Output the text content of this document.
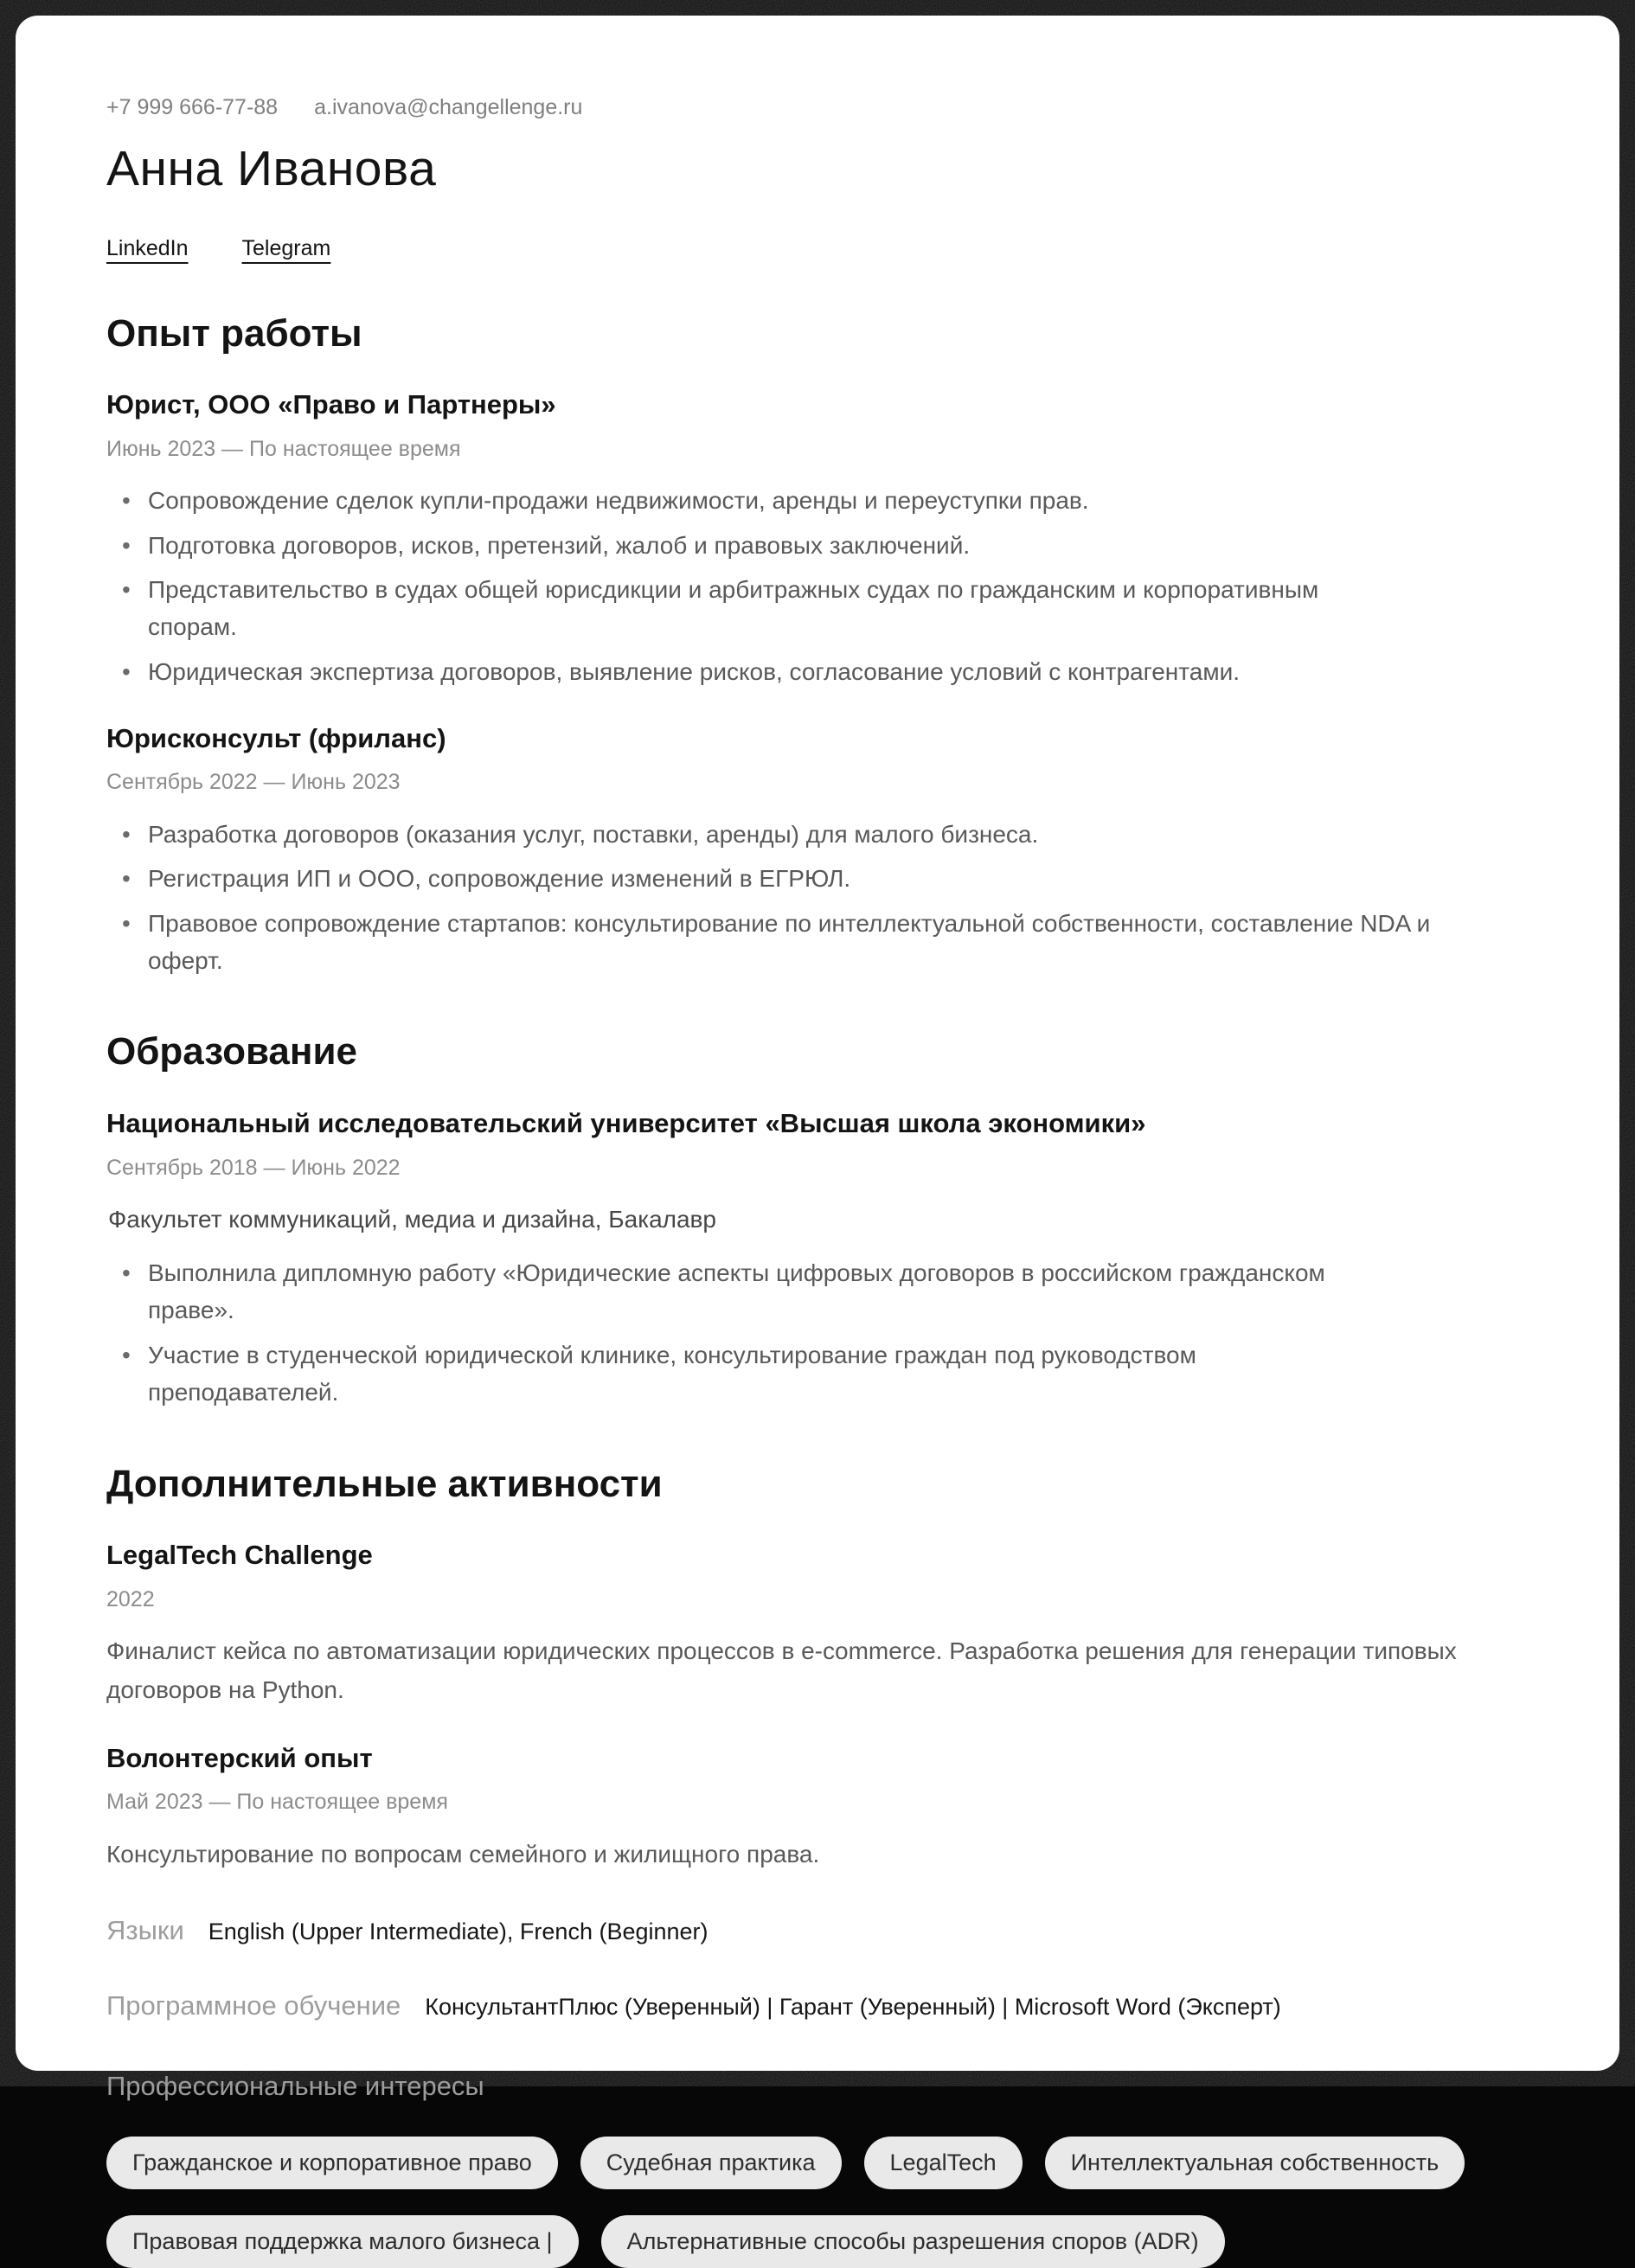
+7 999 666-77-88 a.ivanova@changellenge.ru
Анна Иванова
LinkedIn Telegram
Опыт работы
Юрист, ООО «Право и Партнеры»
Июнь 2023 — По настоящее время
• Сопровождение сделок купли-продажи недвижимости, аренды и переуступки прав.
• Подготовка договоров, исков, претензий, жалоб и правовых заключений.
• Представительство в судах общей юрисдикции и арбитражных судах по гражданским и корпоративным спорам.
• Юридическая экспертиза договоров, выявление рисков, согласование условий с контрагентами.
Юрисконсульт (фриланс)
Сентябрь 2022 — Июнь 2023
• Разработка договоров (оказания услуг, поставки, аренды) для малого бизнеса.
• Регистрация ИП и ООО, сопровождение изменений в ЕГРЮЛ.
• Правовое сопровождение стартапов: консультирование по интеллектуальной собственности, составление NDA и оферт.
Образование
Национальный исследовательский университет «Высшая школа экономики»
Сентябрь 2018 — Июнь 2022
Факультет коммуникаций, медиа и дизайна, Бакалавр
• Выполнила дипломную работу «Юридические аспекты цифровых договоров в российском гражданском праве».
• Участие в студенческой юридической клинике, консультирование граждан под руководством преподавателей.
Дополнительные активности
LegalTech Challenge
2022

Финалист кейса по автоматизации юридических процессов в e-commerce. Разработка решения для генерации типовых договоров на Python.

Волонтерский опыт
Май 2023 — По настоящее время

Консультирование по вопросам семейного и жилищного права.

Языки English (Upper Intermediate), French (Beginner)
Программное обучение КонсультантПлюс (Уверенный) | Гарант (Уверенный) | Microsoft Word (Эксперт)
Профессиональные интересы
Гражданское и корпоративное право	Судебная практика	LegalTech	Интеллектуальная собственность
Правовая поддержка малого бизнеса |	Альтернативные способы разрешения споров (ADR)
